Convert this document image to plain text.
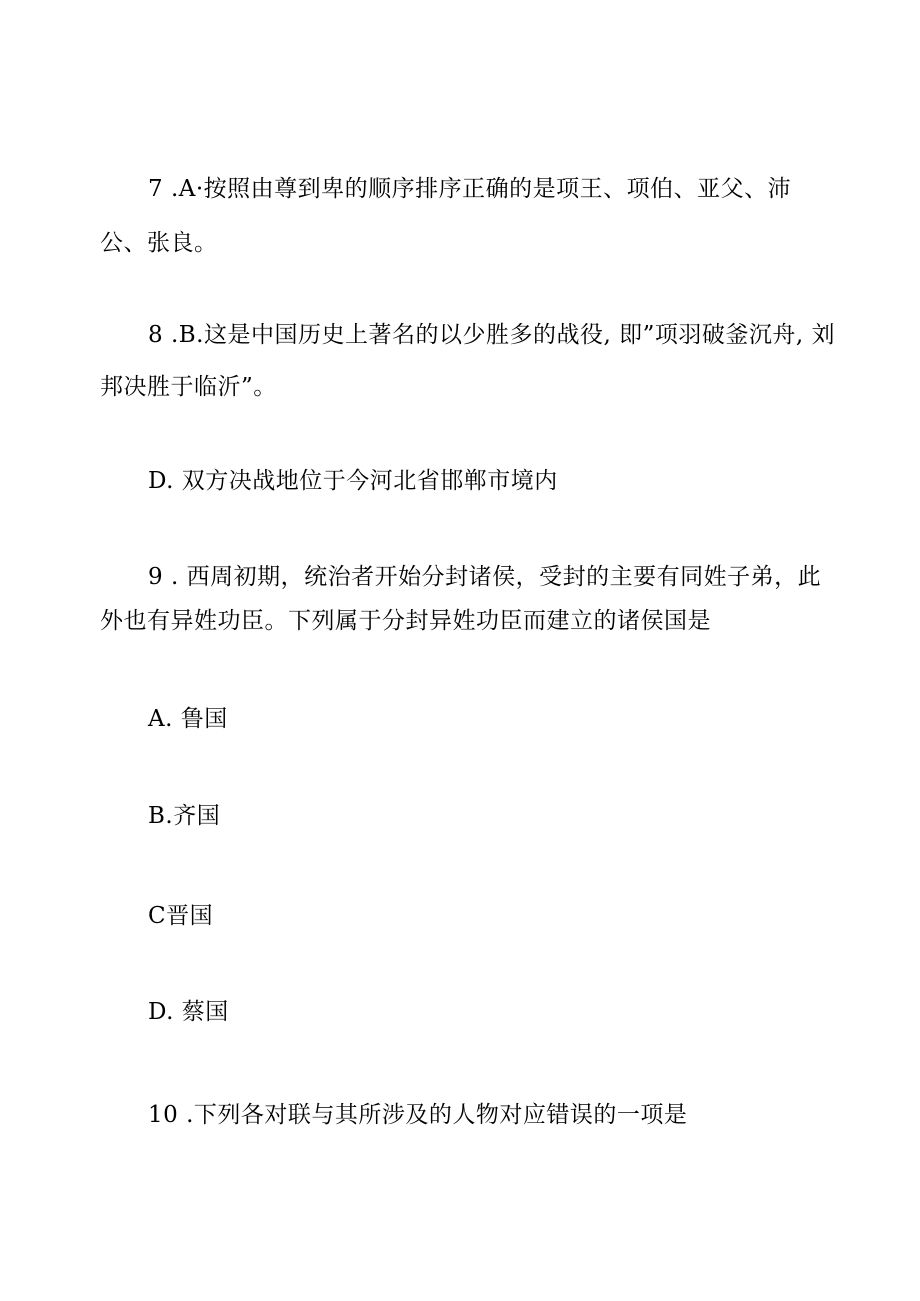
7 .A·按照由尊到卑的顺序排序正确的是项王、项伯、亚父、沛
公、张良。
8 .B.这是中国历史上著名的以少胜多的战役, 即”项羽破釜沉舟, 刘
邦决胜于临沂”。
D. 双方决战地位于今河北省邯郸市境内
9 . 西周初期，统治者开始分封诸侯，受封的主要有同姓子弟，此
外也有异姓功臣。下列属于分封异姓功臣而建立的诸侯国是
A. 鲁国
B.齐国
C晋国
D. 蔡国
10 .下列各对联与其所涉及的人物对应错误的一项是
